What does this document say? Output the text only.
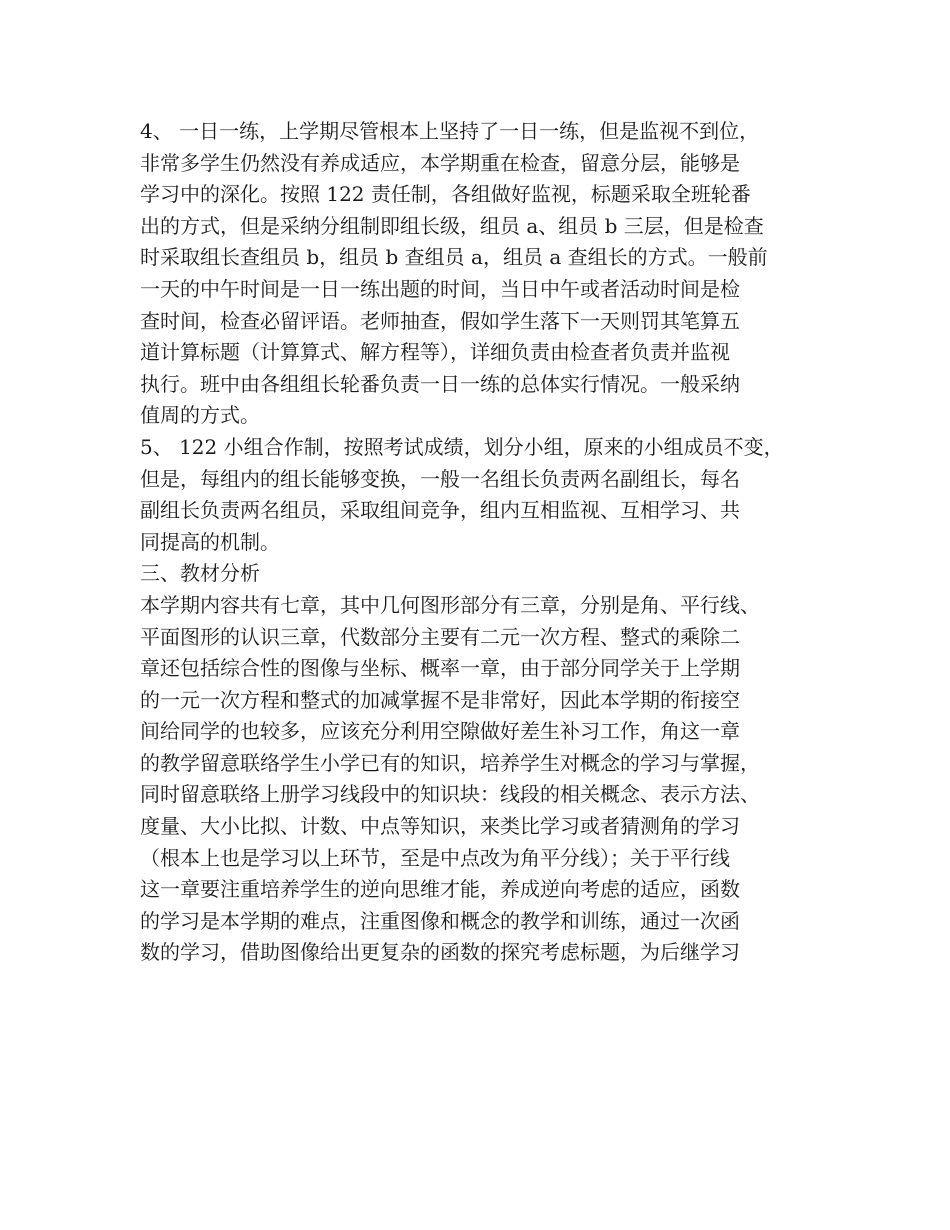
4、 一日一练，上学期尽管根本上坚持了一日一练，但是监视不到位，
非常多学生仍然没有养成适应，本学期重在检查，留意分层，能够是
学习中的深化。按照 122 责任制，各组做好监视，标题采取全班轮番
出的方式，但是采纳分组制即组长级，组员 a、组员 b 三层，但是检查
时采取组长查组员 b，组员 b 查组员 a，组员 a 查组长的方式。一般前
一天的中午时间是一日一练出题的时间，当日中午或者活动时间是检
查时间，检查必留评语。老师抽查，假如学生落下一天则罚其笔算五
道计算标题（计算算式、解方程等），详细负责由检查者负责并监视
执行。班中由各组组长轮番负责一日一练的总体实行情况。一般采纳
值周的方式。
5、 122 小组合作制，按照考试成绩，划分小组，原来的小组成员不变，
但是，每组内的组长能够变换，一般一名组长负责两名副组长，每名
副组长负责两名组员，采取组间竞争，组内互相监视、互相学习、共
同提高的机制。
三、教材分析
本学期内容共有七章，其中几何图形部分有三章，分别是角、平行线、
平面图形的认识三章，代数部分主要有二元一次方程、整式的乘除二
章还包括综合性的图像与坐标、概率一章，由于部分同学关于上学期
的一元一次方程和整式的加减掌握不是非常好，因此本学期的衔接空
间给同学的也较多，应该充分利用空隙做好差生补习工作，角这一章
的教学留意联络学生小学已有的知识，培养学生对概念的学习与掌握，
同时留意联络上册学习线段中的知识块：线段的相关概念、表示方法、
度量、大小比拟、计数、中点等知识，来类比学习或者猜测角的学习
（根本上也是学习以上环节，至是中点改为角平分线）；关于平行线
这一章要注重培养学生的逆向思维才能，养成逆向考虑的适应，函数
的学习是本学期的难点，注重图像和概念的教学和训练，通过一次函
数的学习，借助图像给出更复杂的函数的探究考虑标题，为后继学习
